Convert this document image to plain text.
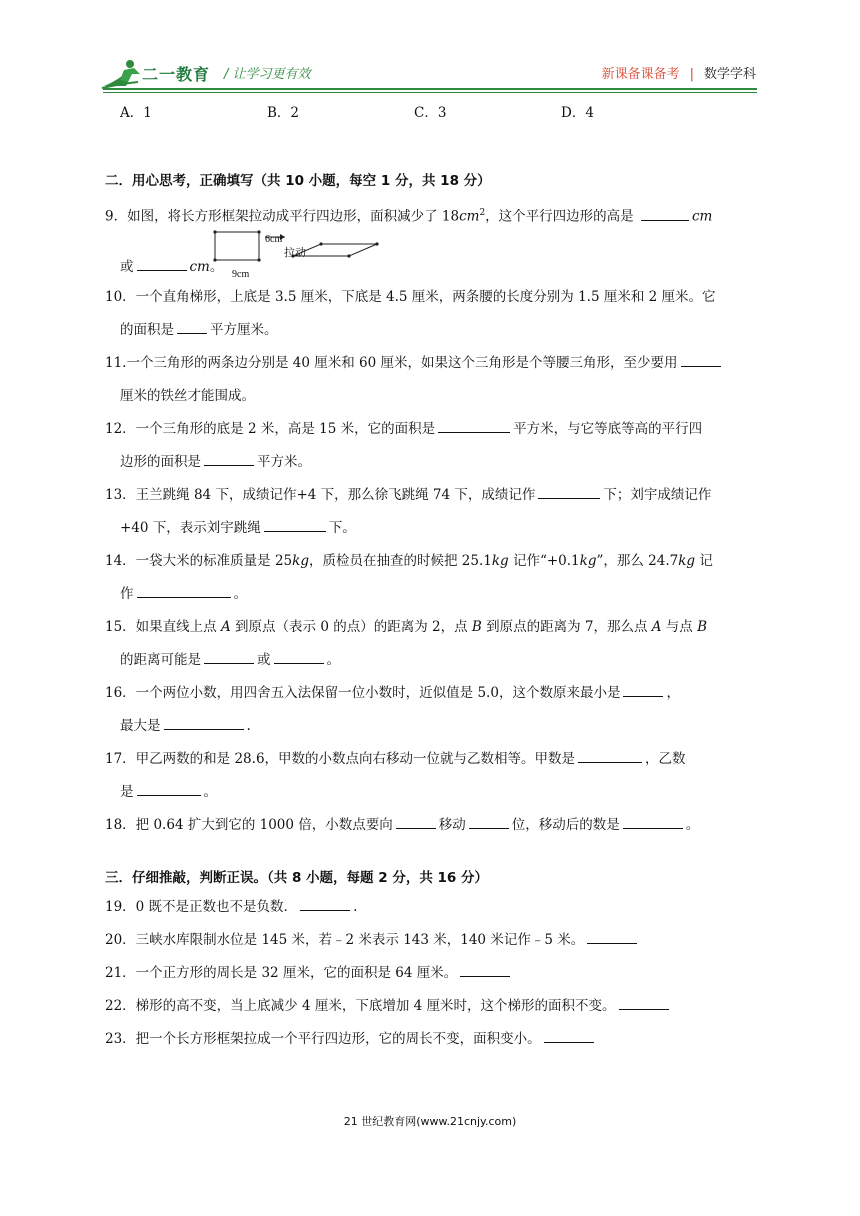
二一教育 / 让学习更有效	新课备课备考 | 数学学科
A．1	B．2	C．3	D．4
二．用心思考，正确填写（共 10 小题，每空 1 分，共 18 分）
9．如图，将长方形框架拉动成平行四边形，面积减少了 $18cm^2$，这个平行四边形的高是	cm
6cm
拉动
9cm
或	cm。
10．一个直角梯形，上底是 3.5 厘米，下底是 4.5 厘米，两条腰的长度分别为 1.5 厘米和 2 厘米。它
的面积是	平方厘米。
11.一个三角形的两条边分别是 40 厘米和 60 厘米，如果这个三角形是个等腰三角形，至少要用
厘米的铁丝才能围成。
12．一个三角形的底是 2 米，高是 15 米，它的面积是	平方米，与它等底等高的平行四
边形的面积是	平方米。
13．王兰跳绳 84 下，成绩记作+4 下，那么徐飞跳绳 74 下，成绩记作	下；刘宇成绩记作
+40 下，表示刘宇跳绳	下。
14．一袋大米的标准质量是 25kg，质检员在抽查的时候把 25.1kg 记作“+0.1kg”，那么 24.7kg 记
作	。
15．如果直线上点 A 到原点（表示 0 的点）的距离为 2，点 B 到原点的距离为 7，那么点 A 与点 B
的距离可能是	或	。
16．一个两位小数，用四舍五入法保留一位小数时，近似值是 5.0，这个数原来最小是	，
最大是	.
17．甲乙两数的和是 28.6，甲数的小数点向右移动一位就与乙数相等。甲数是	，乙数
是	。
18．把 0.64 扩大到它的 1000 倍，小数点要向	移动	位，移动后的数是	。
三．仔细推敲，判断正误。（共 8 小题，每题 2 分，共 16 分）
19．0 既不是正数也不是负数．	.
20．三峡水库限制水位是 145 米，若﹣2 米表示 143 米，140 米记作﹣5 米。
21．一个正方形的周长是 32 厘米，它的面积是 64 厘米。
22．梯形的高不变，当上底减少 4 厘米，下底增加 4 厘米时，这个梯形的面积不变。
23．把一个长方形框架拉成一个平行四边形，它的周长不变，面积变小。
21 世纪教育网(www.21cnjy.com)
